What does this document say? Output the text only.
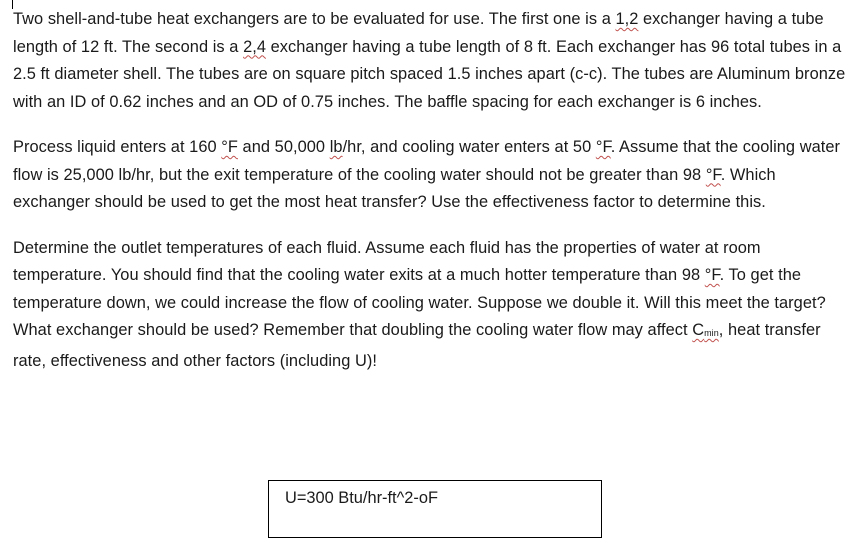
Two shell-and-tube heat exchangers are to be evaluated for use. The first one is a 1,2 exchanger having a tube length of 12 ft. The second is a 2,4 exchanger having a tube length of 8 ft. Each exchanger has 96 total tubes in a 2.5 ft diameter shell. The tubes are on square pitch spaced 1.5 inches apart (c-c). The tubes are Aluminum bronze with an ID of 0.62 inches and an OD of 0.75 inches. The baffle spacing for each exchanger is 6 inches.

Process liquid enters at 160 °F and 50,000 lb/hr, and cooling water enters at 50 °F. Assume that the cooling water flow is 25,000 lb/hr, but the exit temperature of the cooling water should not be greater than 98 °F. Which exchanger should be used to get the most heat transfer? Use the effectiveness factor to determine this.

Determine the outlet temperatures of each fluid. Assume each fluid has the properties of water at room temperature. You should find that the cooling water exits at a much hotter temperature than 98 °F. To get the temperature down, we could increase the flow of cooling water. Suppose we double it. Will this meet the target? What exchanger should be used? Remember that doubling the cooling water flow may affect Cmin, heat transfer rate, effectiveness and other factors (including U)!

U=300 Btu/hr-ft^2-oF
